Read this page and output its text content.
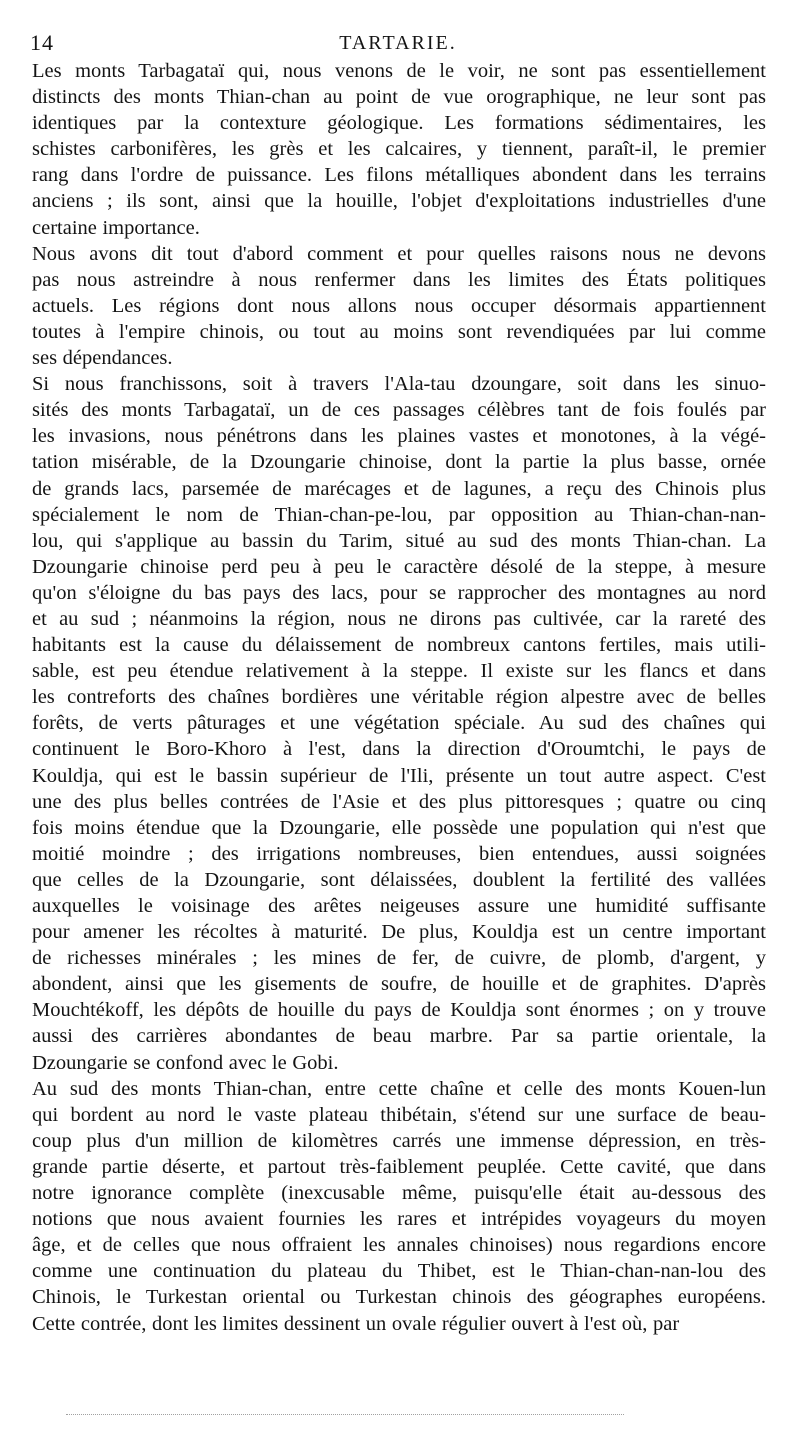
14	TARTARIE.
Les monts Tarbagataï qui, nous venons de le voir, ne sont pas essentiellement
distincts des monts Thian-chan au point de vue orographique, ne leur sont pas
identiques par la contexture géologique. Les formations sédimentaires, les
schistes carbonifères, les grès et les calcaires, y tiennent, paraît-il, le premier
rang dans l'ordre de puissance. Les filons métalliques abondent dans les terrains
anciens ; ils sont, ainsi que la houille, l'objet d'exploitations industrielles d'une
certaine importance.
Nous avons dit tout d'abord comment et pour quelles raisons nous ne devons
pas nous astreindre à nous renfermer dans les limites des États politiques
actuels. Les régions dont nous allons nous occuper désormais appartiennent
toutes à l'empire chinois, ou tout au moins sont revendiquées par lui comme
ses dépendances.
Si nous franchissons, soit à travers l'Ala-tau dzoungare, soit dans les sinuo-
sités des monts Tarbagataï, un de ces passages célèbres tant de fois foulés par
les invasions, nous pénétrons dans les plaines vastes et monotones, à la végé-
tation misérable, de la Dzoungarie chinoise, dont la partie la plus basse, ornée
de grands lacs, parsemée de marécages et de lagunes, a reçu des Chinois plus
spécialement le nom de Thian-chan-pe-lou, par opposition au Thian-chan-nan-
lou, qui s'applique au bassin du Tarim, situé au sud des monts Thian-chan. La
Dzoungarie chinoise perd peu à peu le caractère désolé de la steppe, à mesure
qu'on s'éloigne du bas pays des lacs, pour se rapprocher des montagnes au nord
et au sud ; néanmoins la région, nous ne dirons pas cultivée, car la rareté des
habitants est la cause du délaissement de nombreux cantons fertiles, mais utili-
sable, est peu étendue relativement à la steppe. Il existe sur les flancs et dans
les contreforts des chaînes bordières une véritable région alpestre avec de belles
forêts, de verts pâturages et une végétation spéciale. Au sud des chaînes qui
continuent le Boro-Khoro à l'est, dans la direction d'Oroumtchi, le pays de
Kouldja, qui est le bassin supérieur de l'Ili, présente un tout autre aspect. C'est
une des plus belles contrées de l'Asie et des plus pittoresques ; quatre ou cinq
fois moins étendue que la Dzoungarie, elle possède une population qui n'est que
moitié moindre ; des irrigations nombreuses, bien entendues, aussi soignées
que celles de la Dzoungarie, sont délaissées, doublent la fertilité des vallées
auxquelles le voisinage des arêtes neigeuses assure une humidité suffisante
pour amener les récoltes à maturité. De plus, Kouldja est un centre important
de richesses minérales ; les mines de fer, de cuivre, de plomb, d'argent, y
abondent, ainsi que les gisements de soufre, de houille et de graphites. D'après
Mouchtékoff, les dépôts de houille du pays de Kouldja sont énormes ; on y trouve
aussi des carrières abondantes de beau marbre. Par sa partie orientale, la
Dzoungarie se confond avec le Gobi.
Au sud des monts Thian-chan, entre cette chaîne et celle des monts Kouen-lun
qui bordent au nord le vaste plateau thibétain, s'étend sur une surface de beau-
coup plus d'un million de kilomètres carrés une immense dépression, en très-
grande partie déserte, et partout très-faiblement peuplée. Cette cavité, que dans
notre ignorance complète (inexcusable même, puisqu'elle était au-dessous des
notions que nous avaient fournies les rares et intrépides voyageurs du moyen
âge, et de celles que nous offraient les annales chinoises) nous regardions encore
comme une continuation du plateau du Thibet, est le Thian-chan-nan-lou des
Chinois, le Turkestan oriental ou Turkestan chinois des géographes européens.
Cette contrée, dont les limites dessinent un ovale régulier ouvert à l'est où, par
